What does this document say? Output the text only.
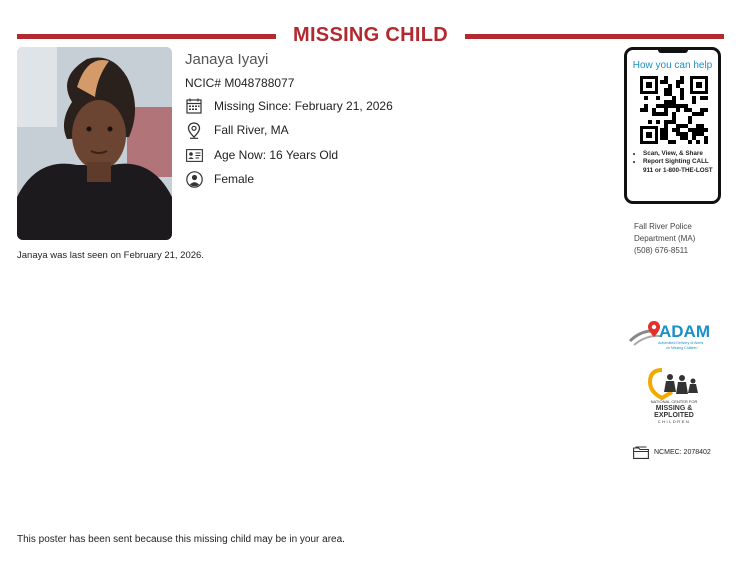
MISSING CHILD
Janaya Iyayi
NCIC# M048788077
Missing Since: February 21, 2026
Fall River, MA
Age Now: 16 Years Old
Female
Janaya was last seen on February 21, 2026.
How you can help
• Scan, View, & Share
• Report Sighting CALL 911 or 1-800-THE-LOST
Fall River Police
Department (MA)
(508) 676-8511
ADAM
Automated Delivery of Alerts
on Missing Children
NATIONAL CENTER FOR
MISSING &
EXPLOITED
CHILDREN
NCMEC: 2078402
This poster has been sent because this missing child may be in your area.
